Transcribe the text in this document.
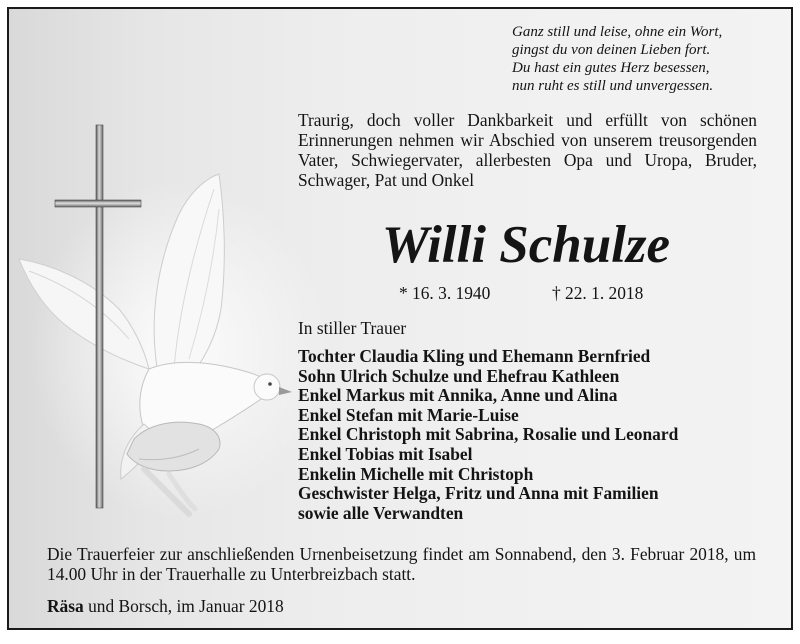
Ganz still und leise, ohne ein Wort,
gingst du von deinen Lieben fort.
Du hast ein gutes Herz besessen,
nun ruht es still und unvergessen.
Traurig, doch voller Dankbarkeit und erfüllt von schönen Erinnerungen nehmen wir Abschied von unserem treusorgenden Vater, Schwiegervater, allerbesten Opa und Uropa, Bruder, Schwager, Pat und Onkel
Willi Schulze
* 16. 3. 1940	† 22. 1. 2018
In stiller Trauer
Tochter Claudia Kling und Ehemann Bernfried
Sohn Ulrich Schulze und Ehefrau Kathleen
Enkel Markus mit Annika, Anne und Alina
Enkel Stefan mit Marie-Luise
Enkel Christoph mit Sabrina, Rosalie und Leonard
Enkel Tobias mit Isabel
Enkelin Michelle mit Christoph
Geschwister Helga, Fritz und Anna mit Familien
sowie alle Verwandten
Die Trauerfeier zur anschließenden Urnenbeisetzung findet am Sonnabend, den 3. Februar 2018, um 14.00 Uhr in der Trauerhalle zu Unterbreizbach statt.
Räsa und Borsch, im Januar 2018
